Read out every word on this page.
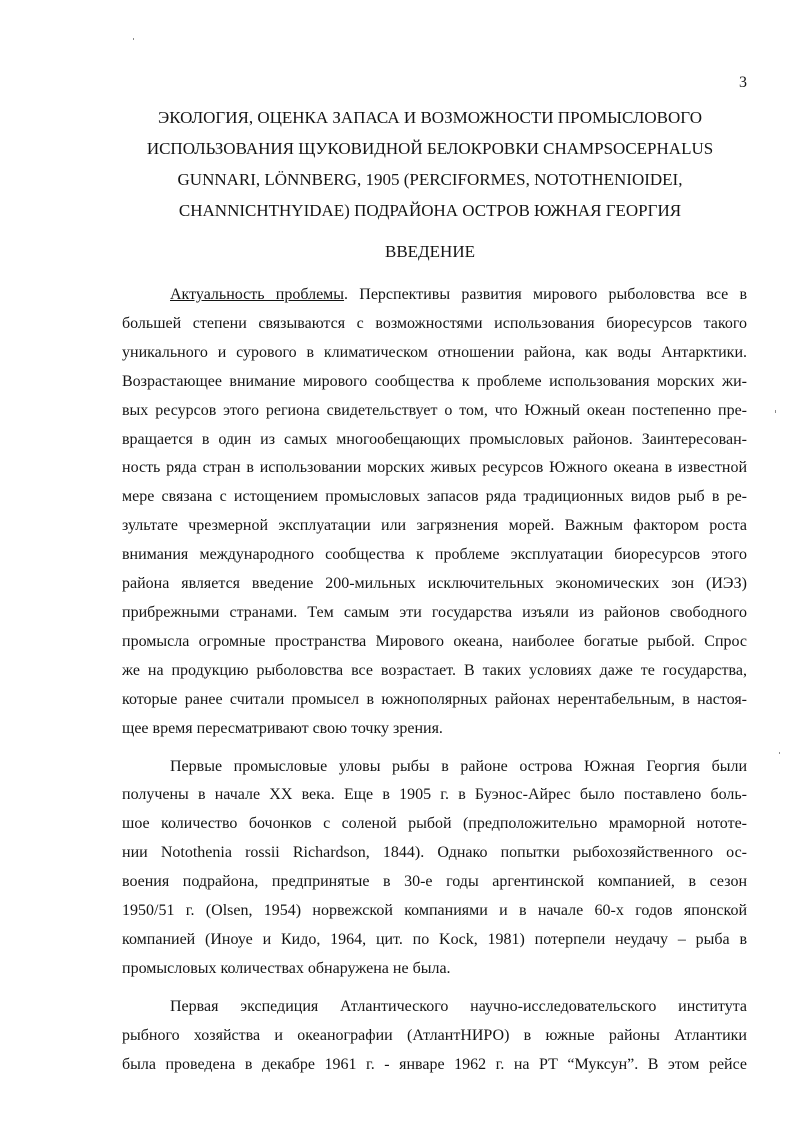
3
ЭКОЛОГИЯ, ОЦЕНКА ЗАПАСА И ВОЗМОЖНОСТИ ПРОМЫСЛОВОГО
ИСПОЛЬЗОВАНИЯ ЩУКОВИДНОЙ БЕЛОКРОВКИ CHAMPSOCEPHALUS
GUNNARI, LÖNNBERG, 1905 (PERCIFORMES, NOTOTHENIOIDEI,
CHANNICHTHYIDAE) ПОДРАЙОНА ОСТРОВ ЮЖНАЯ ГЕОРГИЯ
ВВЕДЕНИЕ

Актуальность проблемы. Перспективы развития мирового рыболовства все в
большей степени связываются с возможностями использования биоресурсов такого
уникального и сурового в климатическом отношении района, как воды Антарктики.
Возрастающее внимание мирового сообщества к проблеме использования морских жи-
вых ресурсов этого региона свидетельствует о том, что Южный океан постепенно пре-
вращается в один из самых многообещающих промысловых районов. Заинтересован-
ность ряда стран в использовании морских живых ресурсов Южного океана в известной
мере связана с истощением промысловых запасов ряда традиционных видов рыб в ре-
зультате чрезмерной эксплуатации или загрязнения морей. Важным фактором роста
внимания международного сообщества к проблеме эксплуатации биоресурсов этого
района является введение 200-мильных исключительных экономических зон (ИЭЗ)
прибрежными странами. Тем самым эти государства изъяли из районов свободного
промысла огромные пространства Мирового океана, наиболее богатые рыбой. Спрос
же на продукцию рыболовства все возрастает. В таких условиях даже те государства,
которые ранее считали промысел в южнополярных районах нерентабельным, в настоя-
щее время пересматривают свою точку зрения.

Первые промысловые уловы рыбы в районе острова Южная Георгия были
получены в начале XX века. Еще в 1905 г. в Буэнос-Айрес было поставлено боль-
шое количество бочонков с соленой рыбой (предположительно мраморной нототе-
нии Notothenia rossii Richardson, 1844). Однако попытки рыбохозяйственного ос-
воения подрайона, предпринятые в 30-е годы аргентинской компанией, в сезон
1950/51 г. (Olsen, 1954) норвежской компаниями и в начале 60-х годов японской
компанией (Иноуе и Кидо, 1964, цит. по Kock, 1981) потерпели неудачу – рыба в
промысловых количествах обнаружена не была.

Первая экспедиция Атлантического научно-исследовательского института
рыбного хозяйства и океанографии (АтлантНИРО) в южные районы Атлантики
была проведена в декабре 1961 г. - январе 1962 г. на РТ “Муксун”. В этом рейсе
